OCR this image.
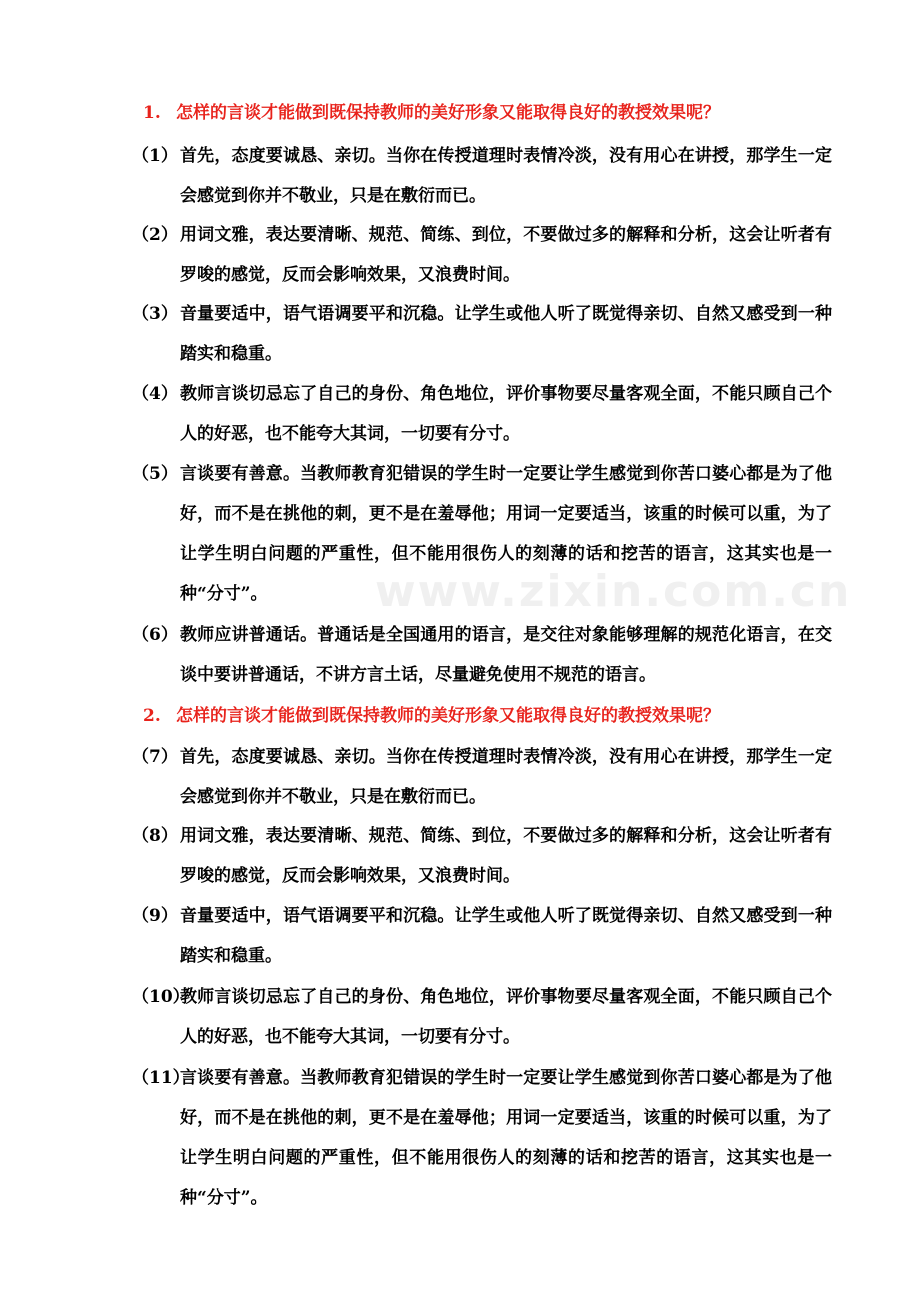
www.zixin.com.cn
1. 怎样的言谈才能做到既保持教师的美好形象又能取得良好的教授效果呢？
（1） 首先，态度要诚恳、亲切。当你在传授道理时表情冷淡，没有用心在讲授，那学生一定会感觉到你并不敬业，只是在敷衍而已。
（2） 用词文雅，表达要清晰、规范、简练、到位，不要做过多的解释和分析，这会让听者有罗唆的感觉，反而会影响效果，又浪费时间。
（3） 音量要适中，语气语调要平和沉稳。让学生或他人听了既觉得亲切、自然又感受到一种踏实和稳重。
（4） 教师言谈切忌忘了自己的身份、角色地位，评价事物要尽量客观全面，不能只顾自己个人的好恶，也不能夸大其词，一切要有分寸。
（5） 言谈要有善意。当教师教育犯错误的学生时一定要让学生感觉到你苦口婆心都是为了他好，而不是在挑他的刺，更不是在羞辱他；用词一定要适当，该重的时候可以重，为了让学生明白问题的严重性，但不能用很伤人的刻薄的话和挖苦的语言，这其实也是一种“分寸”。
（6） 教师应讲普通话。普通话是全国通用的语言，是交往对象能够理解的规范化语言，在交谈中要讲普通话，不讲方言土话，尽量避免使用不规范的语言。
2. 怎样的言谈才能做到既保持教师的美好形象又能取得良好的教授效果呢？
（7） 首先，态度要诚恳、亲切。当你在传授道理时表情冷淡，没有用心在讲授，那学生一定会感觉到你并不敬业，只是在敷衍而已。
（8） 用词文雅，表达要清晰、规范、简练、到位，不要做过多的解释和分析，这会让听者有罗唆的感觉，反而会影响效果，又浪费时间。
（9） 音量要适中，语气语调要平和沉稳。让学生或他人听了既觉得亲切、自然又感受到一种踏实和稳重。
（10）
教师言谈切忌忘了自己的身份、角色地位，评价事物要尽量客观全面，不能只顾自己个人的好恶，也不能夸大其词，一切要有分寸。
（11）
言谈要有善意。当教师教育犯错误的学生时一定要让学生感觉到你苦口婆心都是为了他好，而不是在挑他的刺，更不是在羞辱他；用词一定要适当，该重的时候可以重，为了让学生明白问题的严重性，但不能用很伤人的刻薄的话和挖苦的语言，这其实也是一种“分寸”。
